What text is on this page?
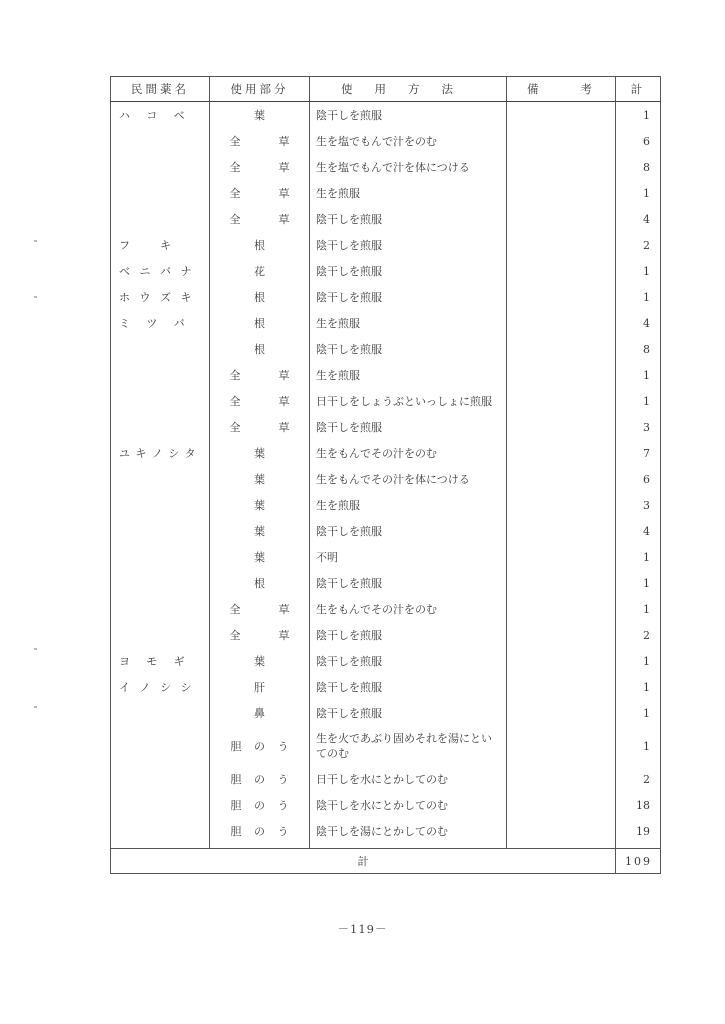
民間薬名	使用部分	使用方法	備考	計

ハ コ ベ	葉	陰干しを煎服		1

	全 草	生を塩でもんで汁をのむ		6

	全 草	生を塩でもんで汁を体につける		8

	全 草	生を煎服		1

	全 草	陰干しを煎服		4

フ キ	根	陰干しを煎服		2

ベ ニ バ ナ	花	陰干しを煎服		1

ホ ウ ズ キ	根	陰干しを煎服		1

ミ ツ バ	根	生を煎服		4
	根	陰干しを煎服		8

	全 草	生を煎服		1

	全 草	日干しをしょうぶといっしょに煎服		1

	全 草	陰干しを煎服		3

ユ キ ノ シ タ	葉	生をもんでその汁をのむ		7
	葉	生をもんでその汁を体につける		6
	葉	生を煎服		3
	葉	陰干しを煎服		4
	葉	不明		1
	根	陰干しを煎服		1

	全 草	生をもんでその汁をのむ		1

	全 草	陰干しを煎服		2

ヨ モ ギ	葉	陰干しを煎服		1

イ ノ シ シ	肝	陰干しを煎服		1
	鼻	陰干しを煎服		1

	胆 の う	生を火であぶり固めそれを湯にといてのむ		1

	胆 の う	日干しを水にとかしてのむ		2

	胆 の う	陰干しを水にとかしてのむ		18

	胆 の う	陰干しを湯にとかしてのむ		19

計				109
－119－
